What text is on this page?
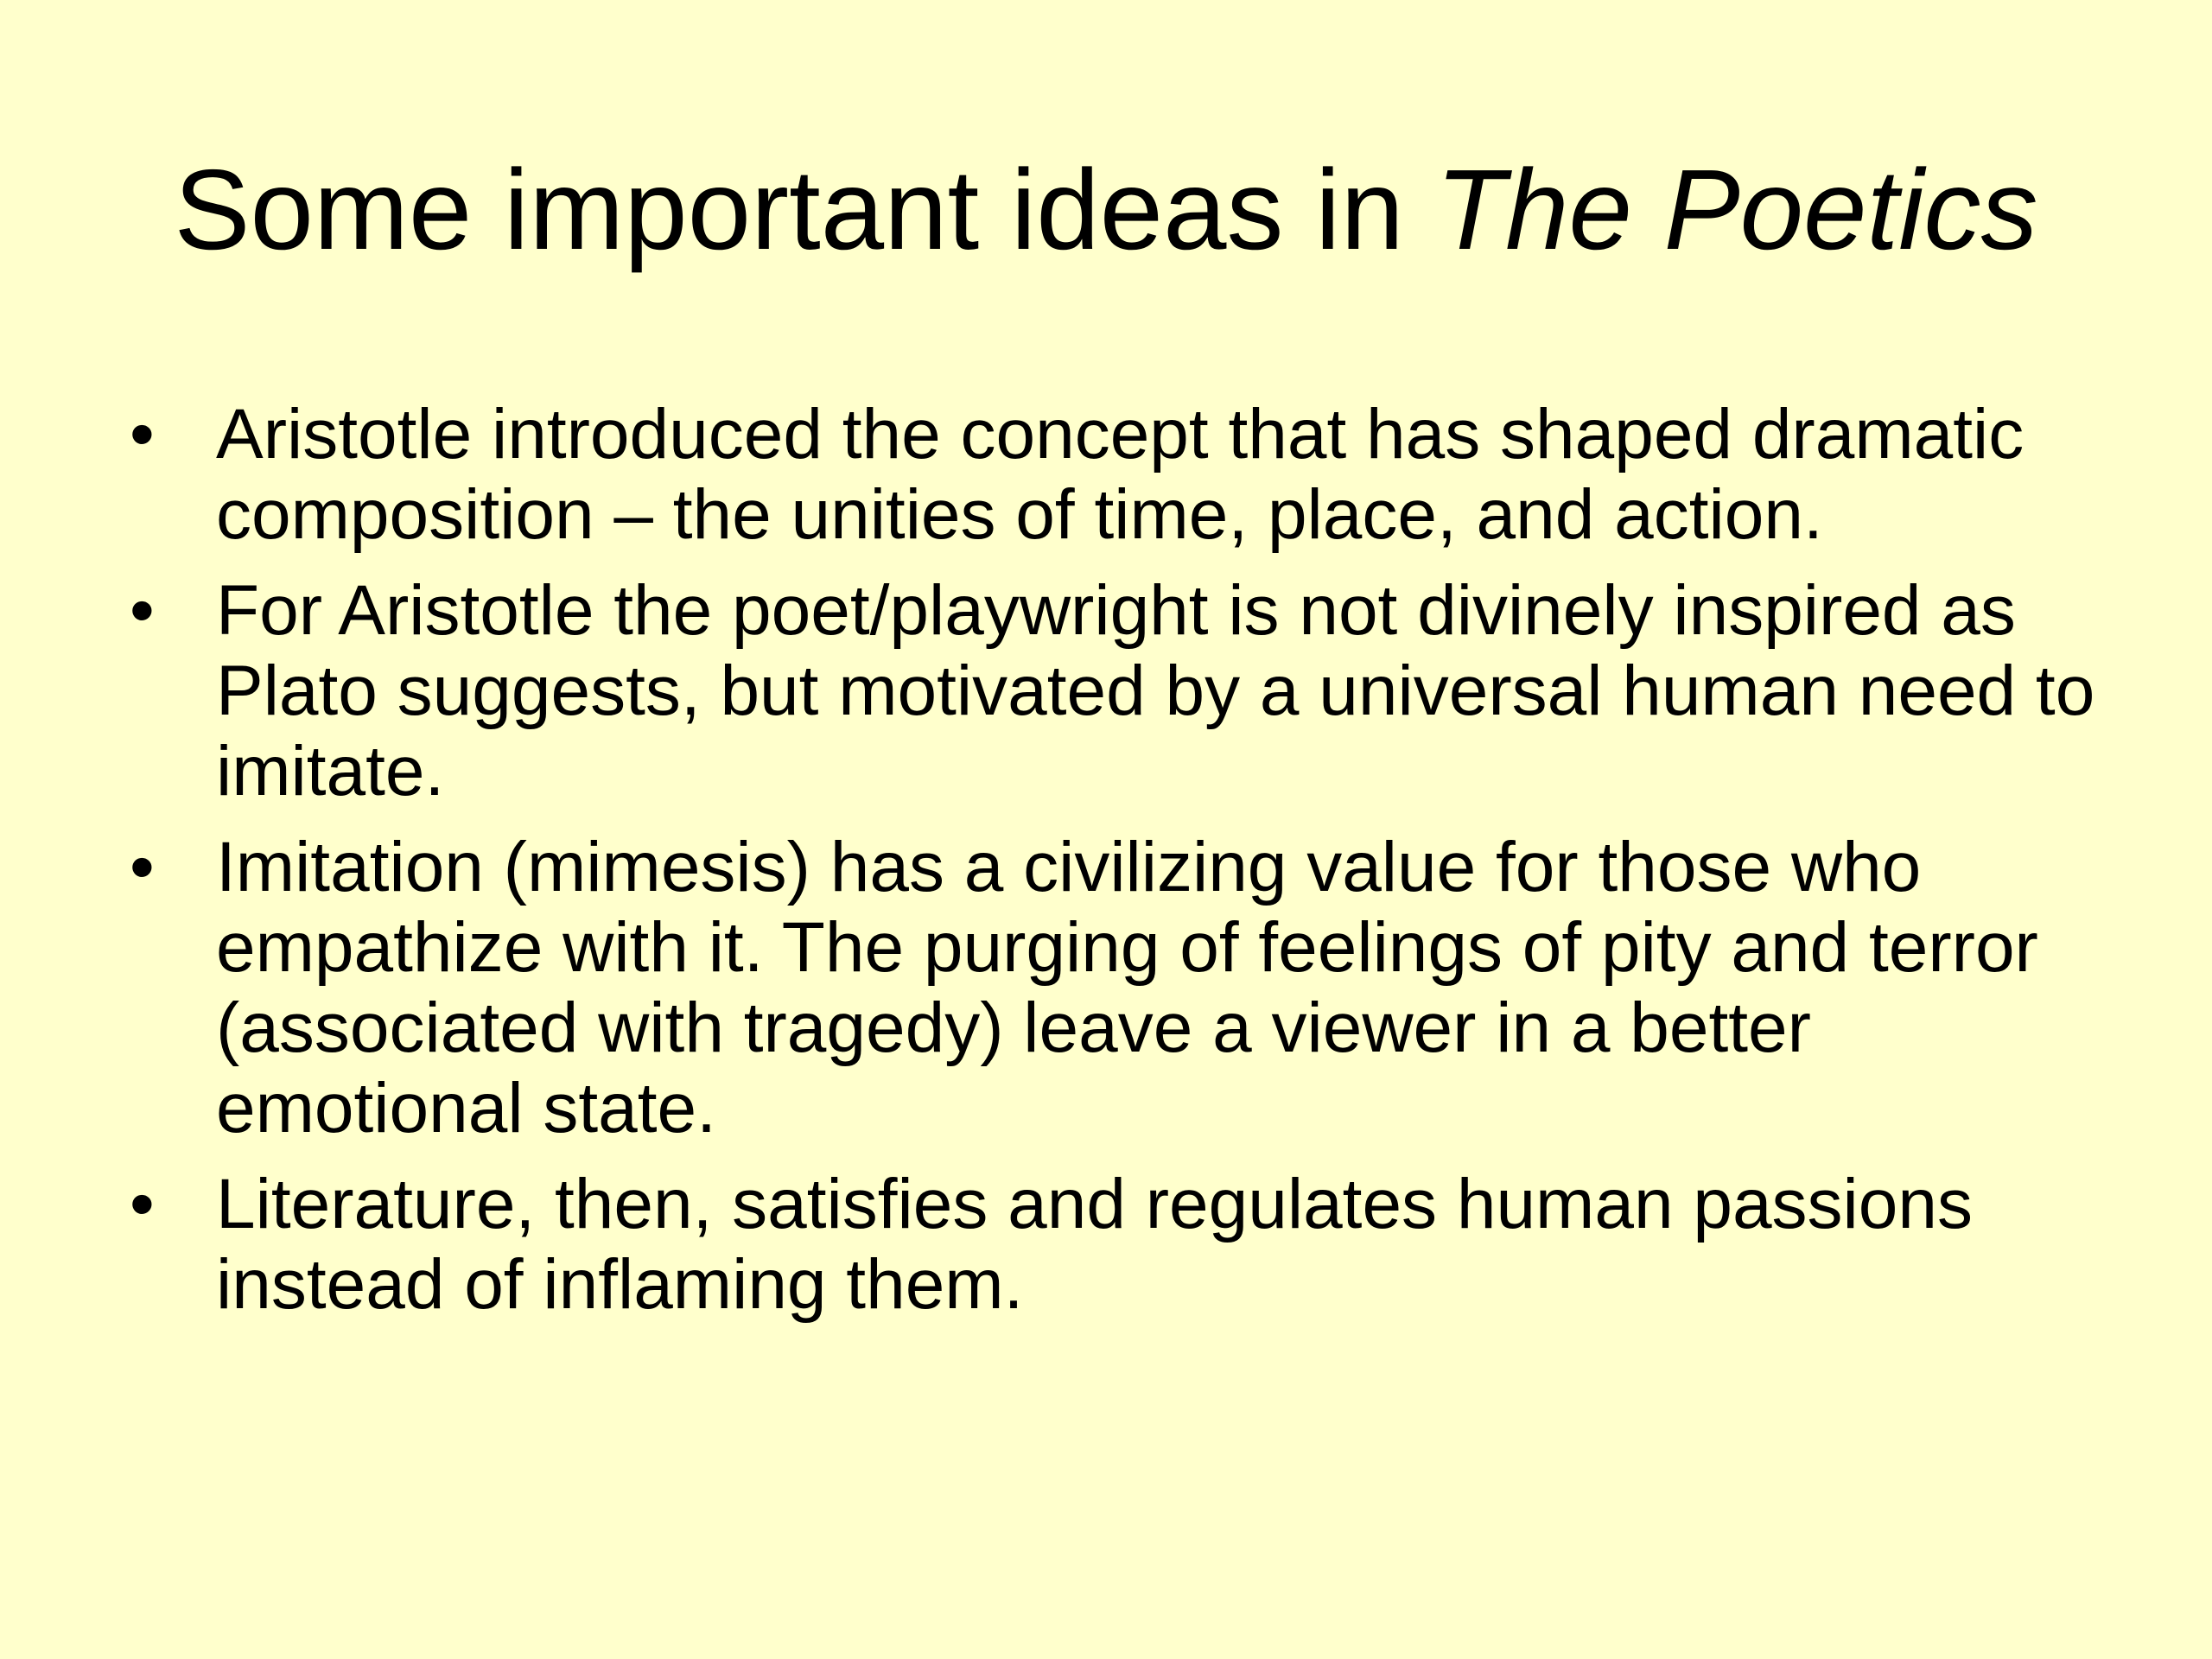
Some important ideas in The Poetics
• Aristotle introduced the concept that has shaped dramatic composition – the unities of time, place, and action.
• For Aristotle the poet/playwright is not divinely inspired as Plato suggests, but motivated by a universal human need to imitate.
• Imitation (mimesis) has a civilizing value for those who empathize with it. The purging of feelings of pity and terror (associated with tragedy) leave a viewer in a better emotional state.
• Literature, then, satisfies and regulates human passions instead of inflaming them.
